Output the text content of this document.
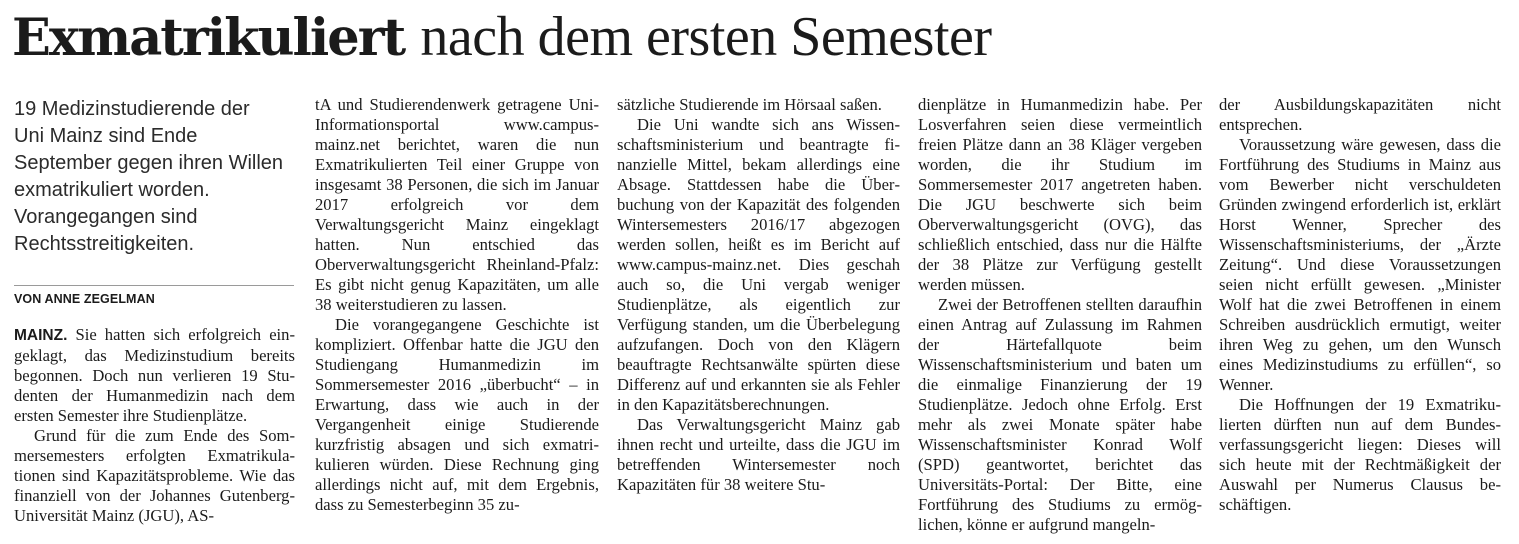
Exmatrikuliert nach dem ersten Semester
19 Medizinstudierende der Uni Mainz sind Ende September gegen ihren Willen exmatrikuliert worden. Vorangegangen sind Rechtsstreitigkeiten.
VON ANNE ZEGELMAN

MAINZ. Sie hatten sich erfolgreich eingeklagt, das Medizinstudium bereits begonnen. Doch nun verlieren 19 Studenten der Humanmedizin nach dem ersten Semester ihre Studienplätze.

Grund für die zum Ende des Sommersemesters erfolgten Exmatrikulationen sind Kapazitätsprobleme. Wie das finanziell von der Johannes Gutenberg-Universität Mainz (JGU), AS-

tA und Studierendenwerk getragene Uni-Informationsportal www.campus-mainz.net berichtet, waren die nun Exmatrikulierten Teil einer Gruppe von insgesamt 38 Personen, die sich im Januar 2017 erfolgreich vor dem Verwaltungsgericht Mainz eingeklagt hatten. Nun entschied das Oberverwaltungsgericht Rheinland-Pfalz: Es gibt nicht genug Kapazitäten, um alle 38 weiterstudieren zu lassen.

Die vorangegangene Geschichte ist kompliziert. Offenbar hatte die JGU den Studiengang Humanmedizin im Sommersemester 2016 „überbucht“ – in Erwartung, dass wie auch in der Vergangenheit einige Studierende kurzfristig absagen und sich exmatrikulieren würden. Diese Rechnung ging allerdings nicht auf, mit dem Ergebnis, dass zu Semesterbeginn 35 zu-

sätzliche Studierende im Hörsaal saßen.

Die Uni wandte sich ans Wissenschaftsministerium und beantragte finanzielle Mittel, bekam allerdings eine Absage. Stattdessen habe die Überbuchung von der Kapazität des folgenden Wintersemesters 2016/17 abgezogen werden sollen, heißt es im Bericht auf www.campus-mainz.net. Dies geschah auch so, die Uni vergab weniger Studienplätze, als eigentlich zur Verfügung standen, um die Überbelegung aufzufangen. Doch von den Klägern beauftragte Rechtsanwälte spürten diese Differenz auf und erkannten sie als Fehler in den Kapazitätsberechnungen.

Das Verwaltungsgericht Mainz gab ihnen recht und urteilte, dass die JGU im betreffenden Wintersemester noch Kapazitäten für 38 weitere Stu-

dienplätze in Humanmedizin habe. Per Losverfahren seien diese vermeintlich freien Plätze dann an 38 Kläger vergeben worden, die ihr Studium im Sommersemester 2017 angetreten haben. Die JGU beschwerte sich beim Oberverwaltungsgericht (OVG), das schließlich entschied, dass nur die Hälfte der 38 Plätze zur Verfügung gestellt werden müssen.

Zwei der Betroffenen stellten daraufhin einen Antrag auf Zulassung im Rahmen der Härtefallquote beim Wissenschaftsministerium und baten um die einmalige Finanzierung der 19 Studienplätze. Jedoch ohne Erfolg. Erst mehr als zwei Monate später habe Wissenschaftsminister Konrad Wolf (SPD) geantwortet, berichtet das Universitäts-Portal: Der Bitte, eine Fortführung des Studiums zu ermöglichen, könne er aufgrund mangeln-

der Ausbildungskapazitäten nicht entsprechen.

Voraussetzung wäre gewesen, dass die Fortführung des Studiums in Mainz aus vom Bewerber nicht verschuldeten Gründen zwingend erforderlich ist, erklärt Horst Wenner, Sprecher des Wissenschaftsministeriums, der „Ärzte Zeitung“. Und diese Voraussetzungen seien nicht erfüllt gewesen. „Minister Wolf hat die zwei Betroffenen in einem Schreiben ausdrücklich ermutigt, weiter ihren Weg zu gehen, um den Wunsch eines Medizinstudiums zu erfüllen“, so Wenner.

Die Hoffnungen der 19 Exmatrikulierten dürften nun auf dem Bundesverfassungsgericht liegen: Dieses will sich heute mit der Rechtmäßigkeit der Auswahl per Numerus Clausus beschäftigen.
